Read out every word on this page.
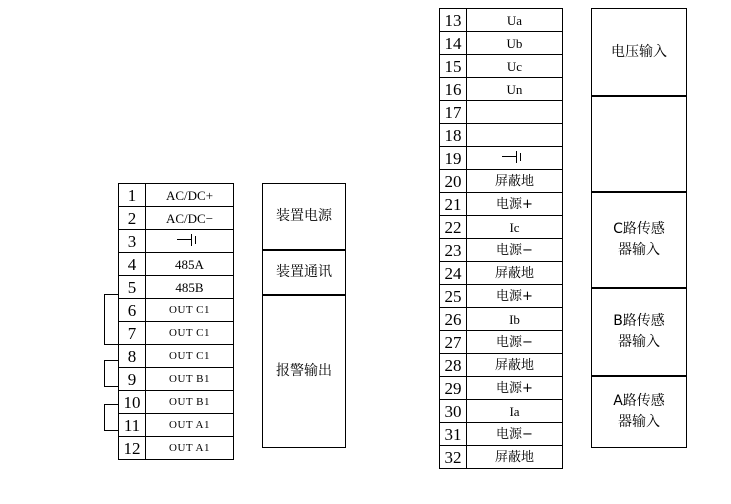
1	AC/DC+
2	AC/DC−
3	

4	485A
5	485B
6	OUT C1
7	OUT C1
8	OUT C1
9	OUT B1
10	OUT B1
11	OUT A1
12	OUT A1
装置电源
装置通讯
报警输出
13	Ua
14	Ub
15	Uc
16	Un
17	
18	
19	

20	屏蔽地
21	电源+
22	Ic
23	电源−
24	屏蔽地
25	电源+
26	Ib
27	电源−
28	屏蔽地
29	电源+
30	Ia
31	电源−
32	屏蔽地
电压输入
C路传感
器输入
B路传感
器输入
A路传感
器输入
